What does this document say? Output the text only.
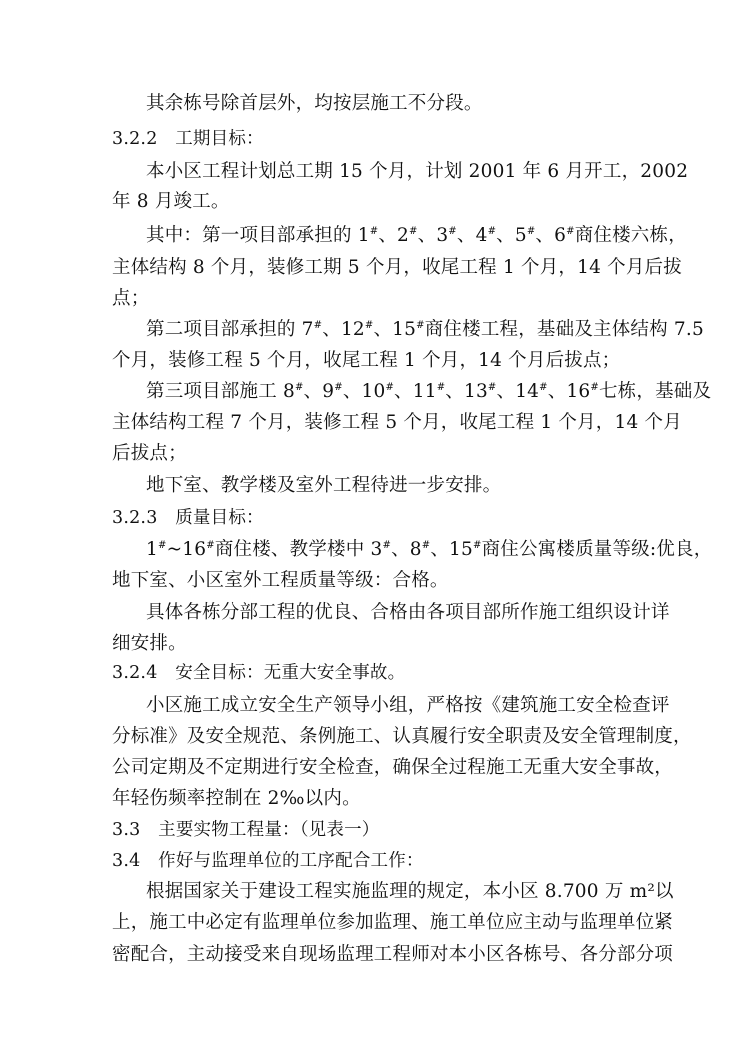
其余栋号除首层外，均按层施工不分段。
3.2.2　工期目标：
本小区工程计划总工期 15 个月，计划 2001 年 6 月开工，2002
年 8 月竣工。
其中：第一项目部承担的 1#、2#、3#、4#、5#、6#商住楼六栋，
主体结构 8 个月，装修工期 5 个月，收尾工程 1 个月，14 个月后拔
点；
第二项目部承担的 7#、12#、15#商住楼工程，基础及主体结构 7.5
个月，装修工程 5 个月，收尾工程 1 个月，14 个月后拔点；
第三项目部施工 8#、9#、10#、11#、13#、14#、16#七栋，基础及
主体结构工程 7 个月，装修工程 5 个月，收尾工程 1 个月，14 个月
后拔点；
地下室、教学楼及室外工程待进一步安排。
3.2.3　质量目标：
1#~16#商住楼、教学楼中 3#、8#、15#商住公寓楼质量等级:优良，
地下室、小区室外工程质量等级：合格。
具体各栋分部工程的优良、合格由各项目部所作施工组织设计详
细安排。
3.2.4　安全目标：无重大安全事故。
小区施工成立安全生产领导小组，严格按《建筑施工安全检查评
分标准》及安全规范、条例施工、认真履行安全职责及安全管理制度，
公司定期及不定期进行安全检查，确保全过程施工无重大安全事故，
年轻伤频率控制在 2‰以内。
3.3　主要实物工程量：（见表一）
3.4　作好与监理单位的工序配合工作：
根据国家关于建设工程实施监理的规定，本小区 8.700 万 m²以
上，施工中必定有监理单位参加监理、施工单位应主动与监理单位紧
密配合，主动接受来自现场监理工程师对本小区各栋号、各分部分项
